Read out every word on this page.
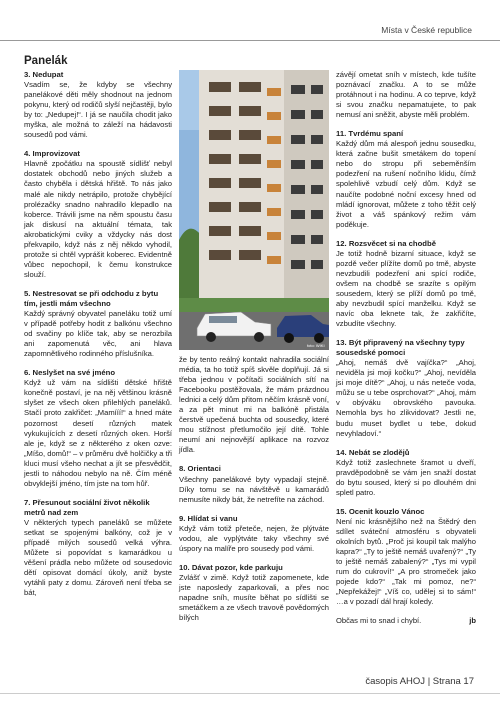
Místa v České republice
Panelák
3. Nedupat

Vsadím se, že kdyby se všechny panelákové děti měly shodnout na jednom pokynu, který od rodičů slyší nejčastěji, bylo by to: „Nedupej!“. I já se naučila chodit jako myška, ale možná to záleží na hádavosti sousedů pod vámi.

4. Improvizovat

Hlavně zpočátku na spoustě sídlišť nebyl dostatek obchodů nebo jiných služeb a často chyběla i dětská hřiště. To nás jako malé ale nikdy netrápilo, protože chybějící prolézačky snadno nahradilo klepadlo na koberce. Trávili jsme na něm spoustu času jak diskusí na aktuální témata, tak akrobatickými cviky a vždycky nás dost překvapilo, když nás z něj někdo vyhodil, protože si chtěl vyprášit koberec. Evidentně vůbec nepochopil, k čemu konstrukce slouží.

5. Nestresovat se při odchodu z bytu tím, jestli mám všechno

Každý správný obyvatel paneláku totiž umí v případě potřeby hodit z balkónu všechno od svačiny po klíče tak, aby se nerozbila ani zapomenutá věc, ani hlava zapomnětlivého rodinného příslušníka.

6. Neslyšet na své jméno

Když už vám na sídlišti dětské hřiště konečně postaví, je na něj většinou krásně slyšet ze všech oken přilehlých paneláků. Stačí proto zakřičet: „Mamííí!“ a hned máte pozornost desetí různých matek vykukujících z desetí různých oken. Horší ale je, když se z některého z oken ozve: „Míšo, domů!“ – v průměru dvě holčičky a tři kluci musí všeho nechat a jít se přesvědčit, jestli to náhodou nebylo na ně. Čím méně obvyklejší jméno, tím jste na tom hůř.

7. Přesunout sociální život několik metrů nad zem

V některých typech paneláků se můžete setkat se spojenými balkóny, což je v případě milých sousedů velká výhra. Můžete si popovídat s kamarádkou u věšení prádla nebo můžete od sousedovic dětí opisovat domácí úkoly, aniž byste vytáhli paty z domu. Zároveň není třeba se bát,

foto: WIKI

že by tento reálný kontakt nahradila sociální média, ta ho totiž spíš skvěle doplňují. Já si třeba jednou v počítači sociálních sítí na Facebooku postěžovala, že mám prázdnou lednici a celý dům přitom něčím krásně voní, a za pět minut mi na balkóně přistála čerstvě upečená buchta od sousedky, které mou stížnost přetlumočilo její dítě. Tohle neumí ani nejnovější aplikace na rozvoz jídla.

8. Orientaci

Všechny panelákové byty vypadají stejně. Díky tomu se na návštěvě u kamarádů nemusíte nikdy bát, že netrefíte na záchod.

9. Hlídat si vanu

Když vám totiž přeteče, nejen, že plýtváte vodou, ale vyplýtváte taky všechny své úspory na malíře pro sousedy pod vámi.

10. Dávat pozor, kde parkuju

Zvlášť v zimě. Když totiž zapomenete, kde jste naposledy zaparkovali, a přes noc napadne sníh, musíte běhat po sídlišti se smetáčkem a ze všech travově povědomých bílých

závějí ometat sníh v místech, kde tušíte poznávací značku. A to se může protáhnout i na hodinu. A co teprve, když si svou značku nepamatujete, to pak nemusí ani sněžit, abyste měli problém.

11. Tvrdému spaní

Každý dům má alespoň jednu sousedku, která začne bušit smetákem do topení nebo do stropu při sebeměnším podezření na rušení nočního klidu, čímž spolehlivě vzbudí celý dům. Když se naučíte podobné noční excesy hned od mládí ignorovat, můžete z toho těžit celý život a váš spánkový režim vám poděkuje.

12. Rozsvěcet si na chodbě

Je totiž hodně bizarní situace, když se pozdě večer plížíte domů po tmě, abyste nevzbudili podezření ani spící rodiče, ovšem na chodbě se srazíte s opilým sousedem, který se plíží domů po tmě, aby nevzbudil spící manželku. Když se navíc oba leknete tak, že zakřičíte, vzbudíte všechny.

13. Být připravený na všechny typy sousedské pomoci

„Ahoj, nemáš dvě vajíčka?“ „Ahoj, neviděla jsi moji kočku?“ „Ahoj, nevíděla jsi moje dítě?“ „Ahoj, u nás neteče voda, můžu se u tebe osprchovat?“ „Ahoj, mám v obýváku obrovského pavouka. Nemohla bys ho zlikvidovat? Jestli ne, budu muset bydlet u tebe, dokud nevyhladoví.“

14. Nebát se zlodějů

Když totiž zaslechnete šramot u dveří, pravděpodobně se vám jen snaží dostat do bytu soused, který si po dlouhém dni spletl patro.

15. Ocenit kouzlo Vánoc

Není nic krásnějšího než na Štědrý den sdílet sváteční atmosféru s obyvateli okolních bytů. „Proč jsi koupil tak malýho kapra?“ „Ty to ještě nemáš uvařený?“ „Ty to ještě nemáš zabalený?“ „Tys mi vypil rum do cukroví!“ „A pro stromeček jako pojede kdo?“ „Tak mi pomoz, ne?“ „Nepřekážej!“ „Víš co, udělej si to sám!“ …a v pozadí dál hrají koledy.

Občas mi to snad i chybí.	jb
časopis AHOJ | Strana 17
